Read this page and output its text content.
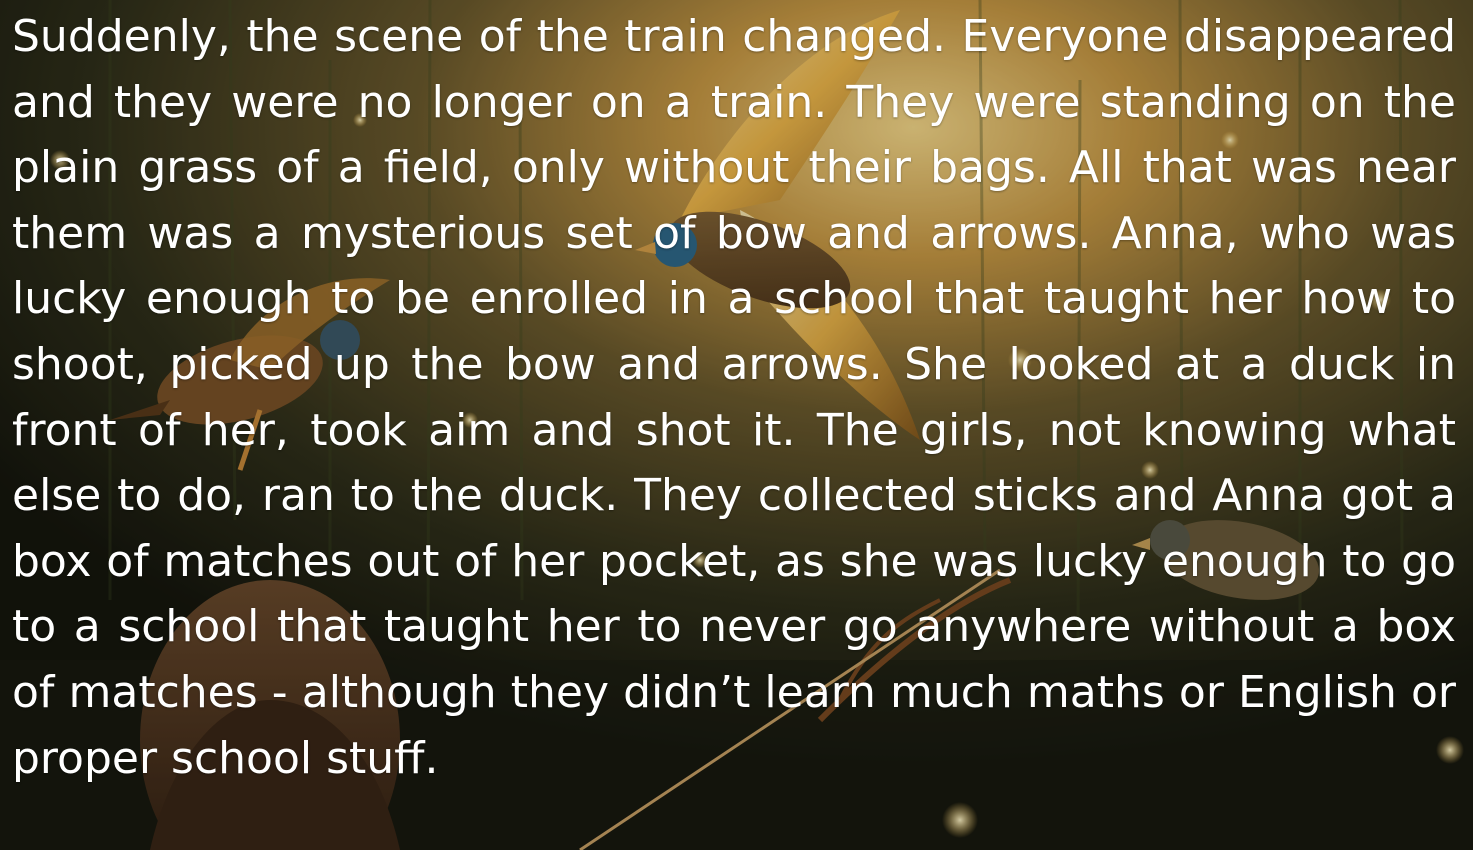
Suddenly, the scene of the train changed. Everyone disappeared and they were no longer on a train. They were standing on the plain grass of a field, only without their bags. All that was near them was a mysterious set of bow and arrows. Anna, who was lucky enough to be enrolled in a school that taught her how to shoot, picked up the bow and arrows. She looked at a duck in front of her, took aim and shot it. The girls, not knowing what else to do, ran to the duck. They collected sticks and Anna got a box of matches out of her pocket, as she was lucky enough to go to a school that taught her to never go anywhere without a box of matches - although they didn’t learn much maths or English or proper school stuff.
